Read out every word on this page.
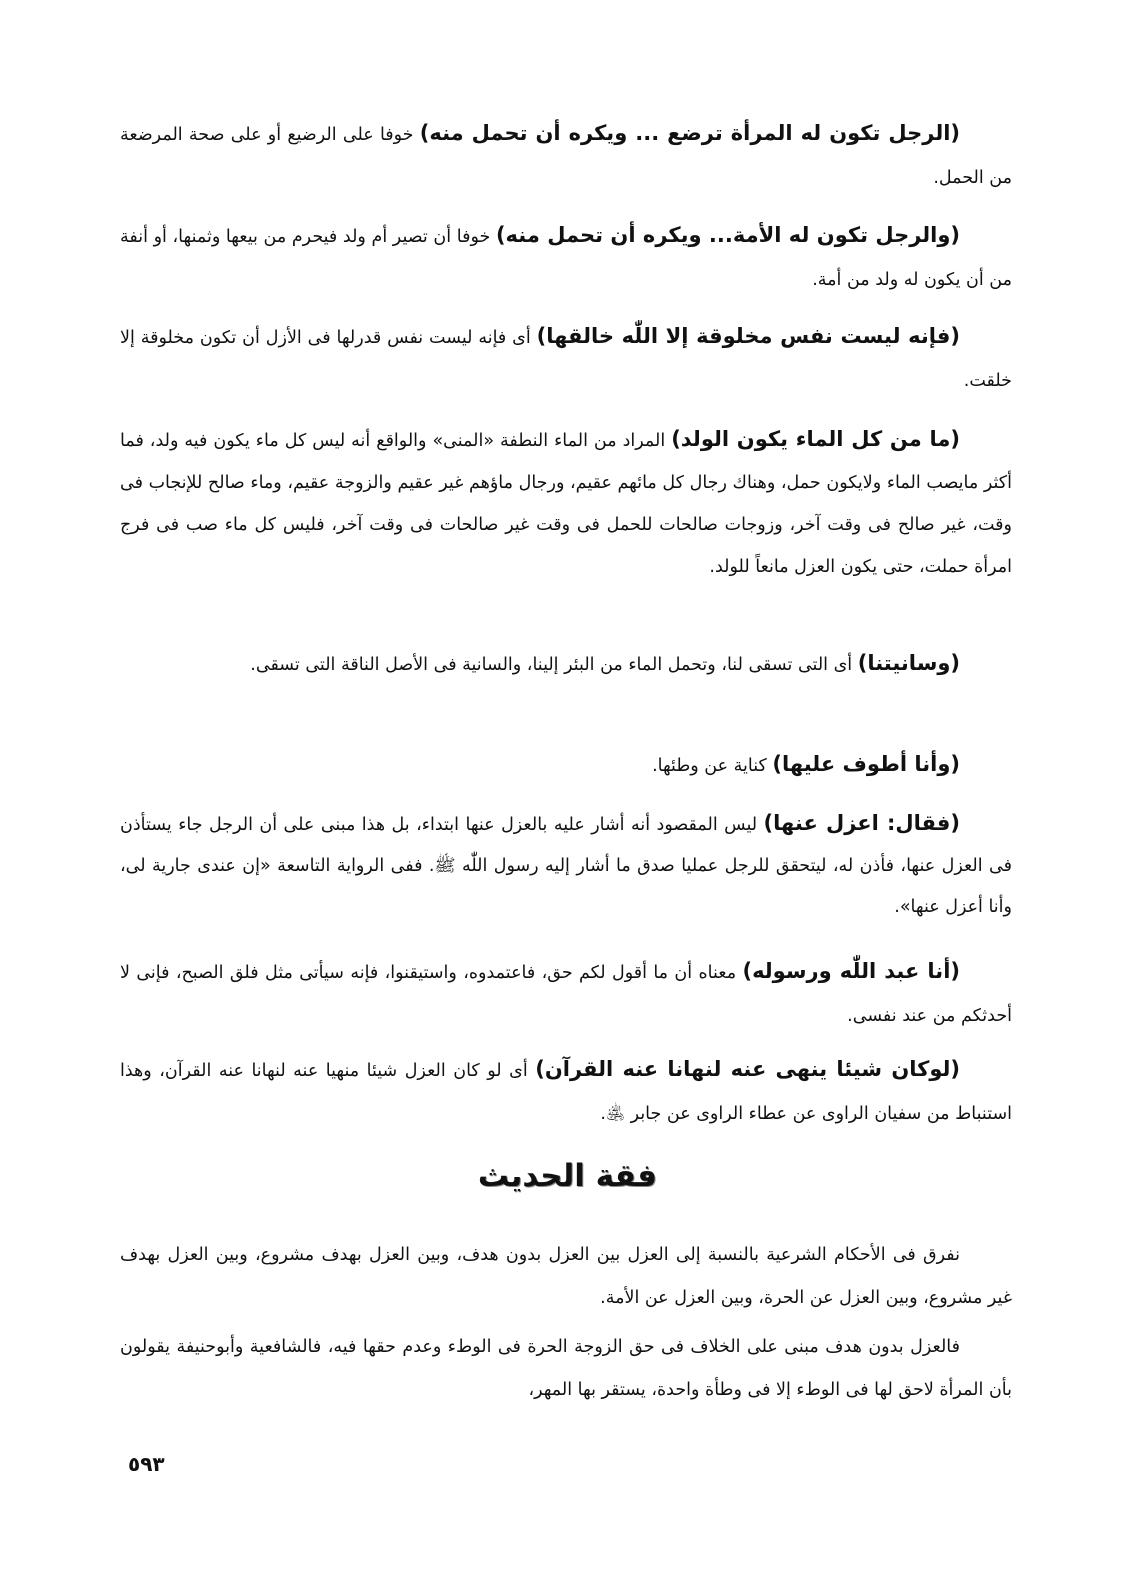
(الرجل تكون له المرأة ترضع ... ويكره أن تحمل منه) خوفا على الرضيع أو على صحة المرضعة من الحمل.
(والرجل تكون له الأمة... ويكره أن تحمل منه) خوفا أن تصير أم ولد فيحرم من بيعها وثمنها، أو أنفة من أن يكون له ولد من أمة.
(فإنه ليست نفس مخلوقة إلا اللّٰه خالقها) أى فإنه ليست نفس قدرلها فى الأزل أن تكون مخلوقة إلا خلقت.
(ما من كل الماء يكون الولد) المراد من الماء النطفة «المنى» والواقع أنه ليس كل ماء يكون فيه ولد، فما أكثر مايصب الماء ولايكون حمل، وهناك رجال كل مائهم عقيم، ورجال ماؤهم غير عقيم والزوجة عقيم، وماء صالح للإنجاب فى وقت، غير صالح فى وقت آخر، وزوجات صالحات للحمل فى وقت غير صالحات فى وقت آخر، فليس كل ماء صب فى فرج امرأة حملت، حتى يكون العزل مانعاً للولد.
(وسانيتنا) أى التى تسقى لنا، وتحمل الماء من البئر إلينا، والسانية فى الأصل الناقة التى تسقى.
(وأنا أطوف عليها) كناية عن وطئها.
(فقال: اعزل عنها) ليس المقصود أنه أشار عليه بالعزل عنها ابتداء، بل هذا مبنى على أن الرجل جاء يستأذن فى العزل عنها، فأذن له، ليتحقق للرجل عمليا صدق ما أشار إليه رسول اللّٰه ﷺ. ففى الرواية التاسعة «إن عندى جارية لى، وأنا أعزل عنها».
(أنا عبد اللّٰه ورسوله) معناه أن ما أقول لكم حق، فاعتمدوه، واستيقنوا، فإنه سيأتى مثل فلق الصبح، فإنى لا أحدثكم من عند نفسى.
(لوكان شيئا ينهى عنه لنهانا عنه القرآن) أى لو كان العزل شيئا منهيا عنه لنهانا عنه القرآن، وهذا استنباط من سفيان الراوى عن عطاء الراوى عن جابر ﵁.
فقة الحديث
نفرق فى الأحكام الشرعية بالنسبة إلى العزل بين العزل بدون هدف، وبين العزل بهدف مشروع، وبين العزل بهدف غير مشروع، وبين العزل عن الحرة، وبين العزل عن الأمة.
فالعزل بدون هدف مبنى على الخلاف فى حق الزوجة الحرة فى الوطء وعدم حقها فيه، فالشافعية وأبوحنيفة يقولون بأن المرأة لاحق لها فى الوطء إلا فى وطأة واحدة، يستقر بها المهر،
٥٩٣
